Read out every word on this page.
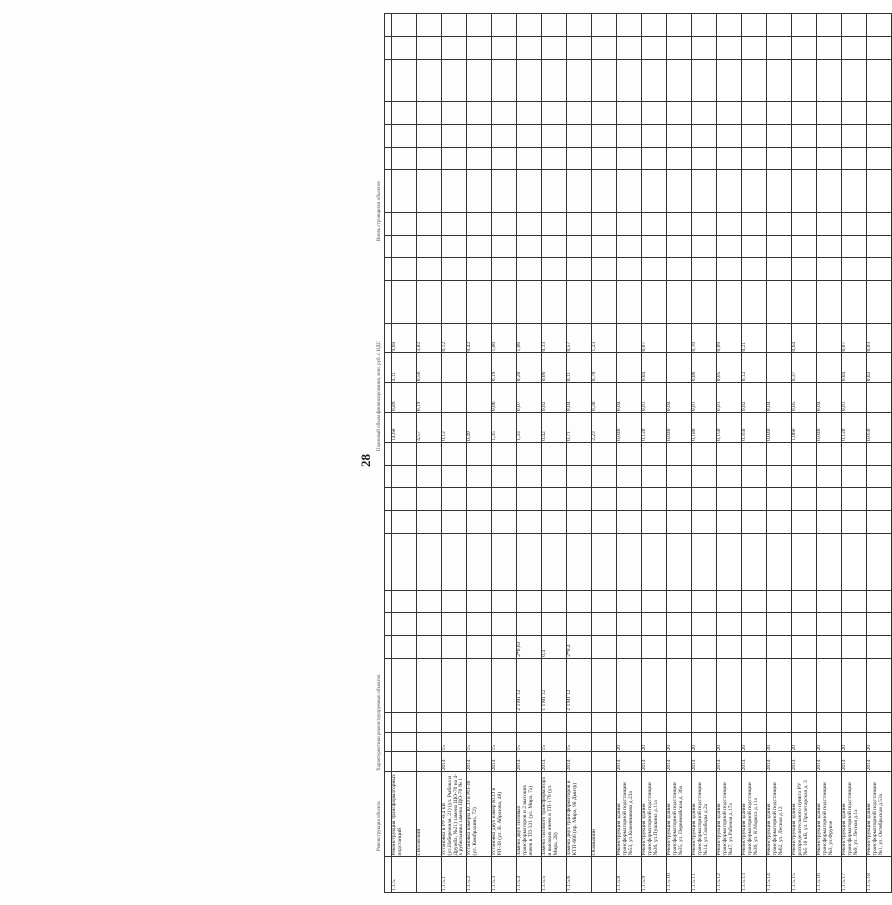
28
Характеристики реконструируемых объектов
Реконструкция объекта
Плановый объем финансирования, млн. руб. с НДС
Вновь строящихся объектов

1.1.5.	Реконструкция трансформаторных подстанций													14,68	0,89	4,11	9,68											
	г.Волжский													4,57	0,19	0,56	3,82											
1.1.5.1	Установка в РУ-0,4 кВ (ул.Набережная, 21) (ул. Рыбака и Дружба, №21) замена ЩО-70 на 4-х рубильника замена ЩО-70 № 1	2014	15											0,12			0,12											
1.1.5.2	Установка камеры КСО в РП-30 (ул. Комбрахинs, 72)	2014	15											0,49			0,42											
1.1.5.3	Установка двух камер КСО в РП-38 (ул. В. Абразова, 48)	2014	15											1,35	0,06	0,19	1,00											
1.1.5.4	Замена двух силовых трансформаторов и 2 высоких ячеек в ТП-331 (ул. Мира, 7а)	2014	15		2 ТМГ12	2*0,63								1,33	0,07	0,20	1,06											
1.1.5.5	Замена силового трансформатора и высоких ячеек в ТП-170 (ул. Мира, 28)	2014	15		1 ТМГ12	0,4								0,42	0,02	0,06	0,33											
1.1.5.6	Замена двух трансформаторов в КТП-666 (пр. Мира, 98 Дмитр)	2014	15		2 ТМГ12	2*0,4								0,71	0,04	0,11	0,57											
	г.Камышин													2,23	0,30	0,70	1,23											
1.1.5.8	Реконструкция здания трансформаторной подстанции №53, ул.Кожевникова д.23а	2014	20											0,040	0,04													
1.1.5.9	Реконструкция здания трансформаторной подстанции №36, ул.Пушкина д.11а	2014	20											0,120	0,01	0,04	0,07											
1.1.5.10	Реконструкция здания трансформаторной подстанции №35, ул. Первомайская д. 36а	2014	20											0,040	0,04													
1.1.5.11	Реконструкция здания трансформаторной подстанции №14, ул.Свободы д.2а	2014	20											0,180	0,01	0,06	0,10											
1.1.5.12	Реконструкция здания трансформаторной подстанции №47, ул.Рабочая д.17а	2014	20											0,150	0,01	0,05	0,09											
1.1.5.13	Реконструкция здания трансформаторной подстанции №36, ул. К.Маркса д.11а	2014	20											0,350	0,02	0,12	0,21											
1.1.5.14	Реконструкция здания трансформаторной подстанции №62, ул. Лесная д.12	2014	20											0,040	0,04													
1.1.5.15	Реконструкция здания распределительного пункта РУ №5 10 кВ, ул. Пролетарская д. 3	2014	20											1,060	0,05	0,37	0,64											
1.1.5.16	Реконструкция здания трансформаторной подстанции №3, ул.Фрунзе	2014	20											0,040	0,04													
1.1.5.17	Реконструкция здания трансформаторной подстанции №9, ул. Лесная д.1а	2014	20											0,120	0,01	0,04	0,07											
1.1.5.18	Реконструкция здания трансформаторной подстанции №1, ул. Октябрьская д.53а	2014	20											0,050		0,02	0,03											
